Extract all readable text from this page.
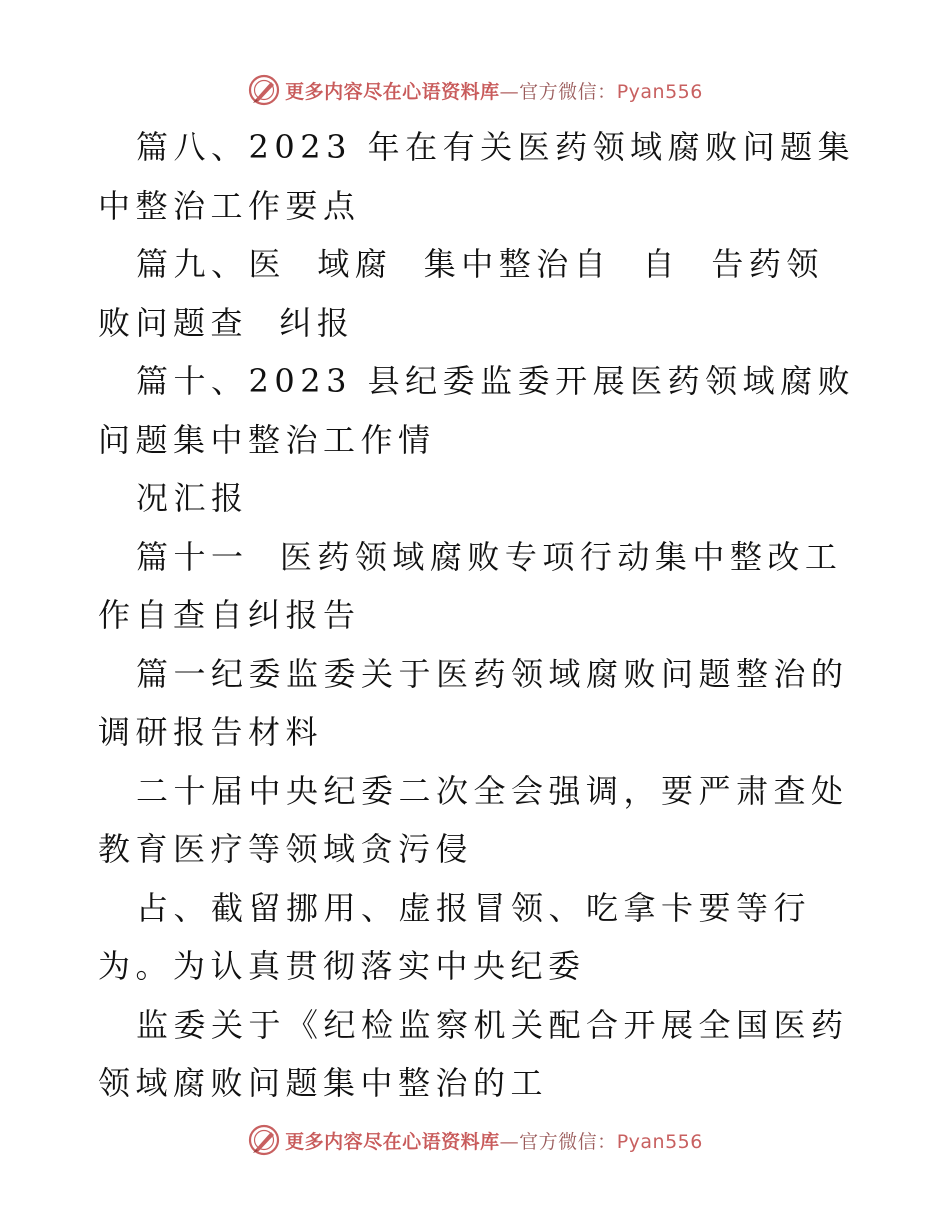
更多内容尽在心语资料库—官方微信：Pyan556

篇八、2023 年在有关医药领域腐败问题集中整治工作要点

篇九、医  域腐  集中整治自  自  告药领  败问题查  纠报

篇十、2023 县纪委监委开展医药领域腐败问题集中整治工作情

况汇报

篇十一  医药领域腐败专项行动集中整改工作自查自纠报告

篇一纪委监委关于医药领域腐败问题整治的调研报告材料

二十届中央纪委二次全会强调，要严肃查处教育医疗等领域贪污侵

占、截留挪用、虚报冒领、吃拿卡要等行为。为认真贯彻落实中央纪委

监委关于《纪检监察机关配合开展全国医药领域腐败问题集中整治的工

更多内容尽在心语资料库—官方微信：Pyan556
